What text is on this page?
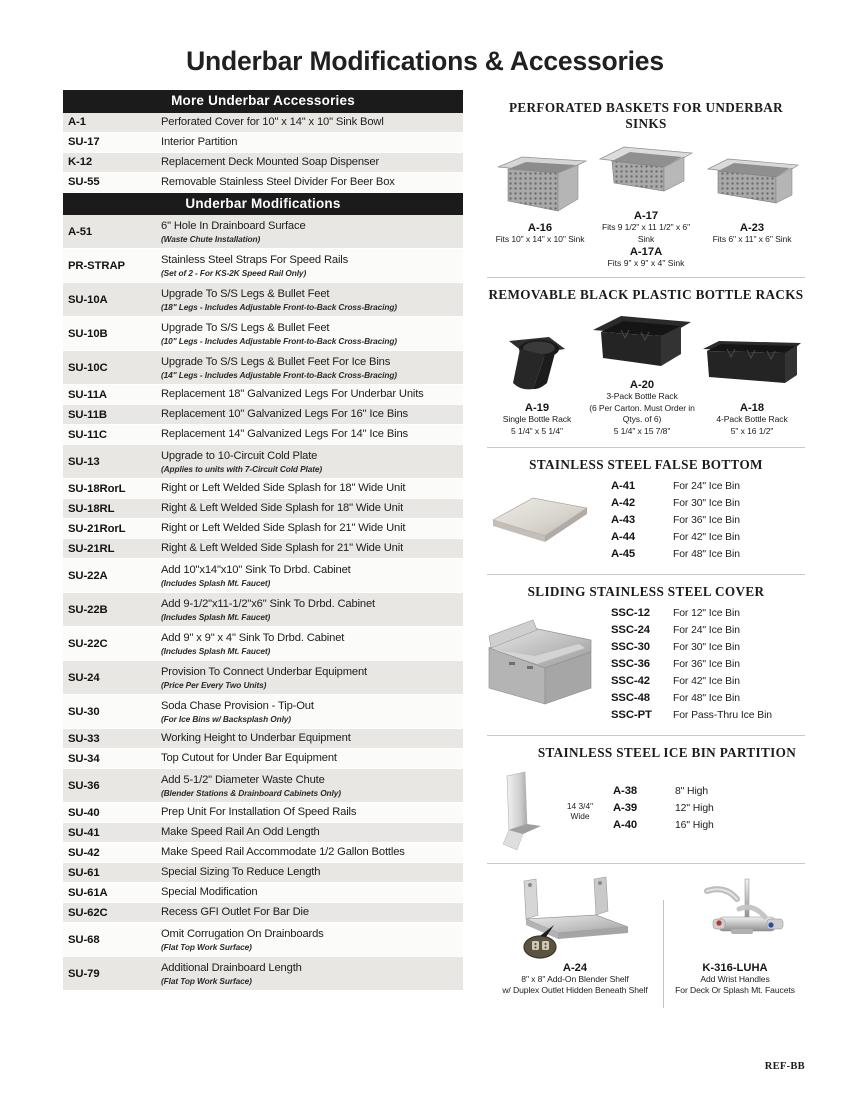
Underbar Modifications & Accessories
More Underbar Accessories
A-1	Perforated Cover for 10" x 14" x 10" Sink Bowl
SU-17	Interior Partition
K-12	Replacement Deck Mounted Soap Dispenser
SU-55	Removable Stainless Steel Divider For Beer Box
Underbar Modifications
A-51	6" Hole In Drainboard Surface
(Waste Chute Installation)
PR-STRAP	Stainless Steel Straps For Speed Rails
(Set of 2 - For KS-2K Speed Rail Only)
SU-10A	Upgrade To S/S Legs & Bullet Feet
(18" Legs - Includes Adjustable Front-to-Back Cross-Bracing)
SU-10B	Upgrade To S/S Legs & Bullet Feet
(10" Legs - Includes Adjustable Front-to-Back Cross-Bracing)
SU-10C	Upgrade To S/S Legs & Bullet Feet For Ice Bins
(14" Legs - Includes Adjustable Front-to-Back Cross-Bracing)
SU-11A	Replacement 18" Galvanized Legs For Underbar Units
SU-11B	Replacement 10" Galvanized Legs For 16" Ice Bins
SU-11C	Replacement 14" Galvanized Legs For 14" Ice Bins
SU-13	Upgrade to 10-Circuit Cold Plate
(Applies to units with 7-Circuit Cold Plate)
SU-18RorL	Right or Left Welded Side Splash for 18" Wide Unit
SU-18RL	Right & Left Welded Side Splash for 18" Wide Unit
SU-21RorL	Right or Left Welded Side Splash for 21" Wide Unit
SU-21RL	Right & Left Welded Side Splash for 21" Wide Unit
SU-22A	Add 10"x14"x10" Sink To Drbd. Cabinet
(Includes Splash Mt. Faucet)
SU-22B	Add 9-1/2"x11-1/2"x6" Sink To Drbd. Cabinet
(Includes Splash Mt. Faucet)
SU-22C	Add 9" x 9" x 4" Sink To Drbd. Cabinet
(Includes Splash Mt. Faucet)
SU-24	Provision To Connect Underbar Equipment
(Price Per Every Two Units)
SU-30	Soda Chase Provision - Tip-Out
(For Ice Bins w/ Backsplash Only)
SU-33	Working Height to Underbar Equipment
SU-34	Top Cutout for Under Bar Equipment
SU-36	Add 5-1/2" Diameter Waste Chute
(Blender Stations & Drainboard Cabinets Only)
SU-40	Prep Unit For Installation Of Speed Rails
SU-41	Make Speed Rail An Odd Length
SU-42	Make Speed Rail Accommodate 1/2 Gallon Bottles
SU-61	Special Sizing To Reduce Length
SU-61A	Special Modification
SU-62C	Recess GFI Outlet For Bar Die
SU-68	Omit Corrugation On Drainboards
(Flat Top Work Surface)
SU-79	Additional Drainboard Length
(Flat Top Work Surface)
PERFORATED BASKETS FOR UNDERBAR SINKS
A-16
Fits 10" x 14" x 10" Sink
A-17
Fits 9 1/2" x 11 1/2" x 6" Sink
A-23
Fits 6" x 11" x 6" Sink
A-17A
Fits 9" x 9" x 4" Sink
REMOVABLE BLACK PLASTIC BOTTLE RACKS
A-19
Single Bottle Rack
5 1/4" x 5 1/4"
A-20
3-Pack Bottle Rack
(6 Per Carton. Must Order in Qtys. of 6)
5 1/4" x 15 7/8"
A-18
4-Pack Bottle Rack
5" x 16 1/2"
STAINLESS STEEL FALSE BOTTOM
A-41	For 24" Ice Bin
A-42	For 30" Ice Bin
A-43	For 36" Ice Bin
A-44	For 42" Ice Bin
A-45	For 48" Ice Bin
SLIDING STAINLESS STEEL COVER
SSC-12	For 12" Ice Bin
SSC-24	For 24" Ice Bin
SSC-30	For 30" Ice Bin
SSC-36	For 36" Ice Bin
SSC-42	For 42" Ice Bin
SSC-48	For 48" Ice Bin
SSC-PT	For Pass-Thru Ice Bin
STAINLESS STEEL ICE BIN PARTITION
14 3/4"
Wide
A-38	8" High
A-39	12" High
A-40	16" High
A-24
8" x 8" Add-On Blender Shelf
w/ Duplex Outlet Hidden Beneath Shelf
K-316-LUHA
Add Wrist Handles
For Deck Or Splash Mt. Faucets
REF-BB
